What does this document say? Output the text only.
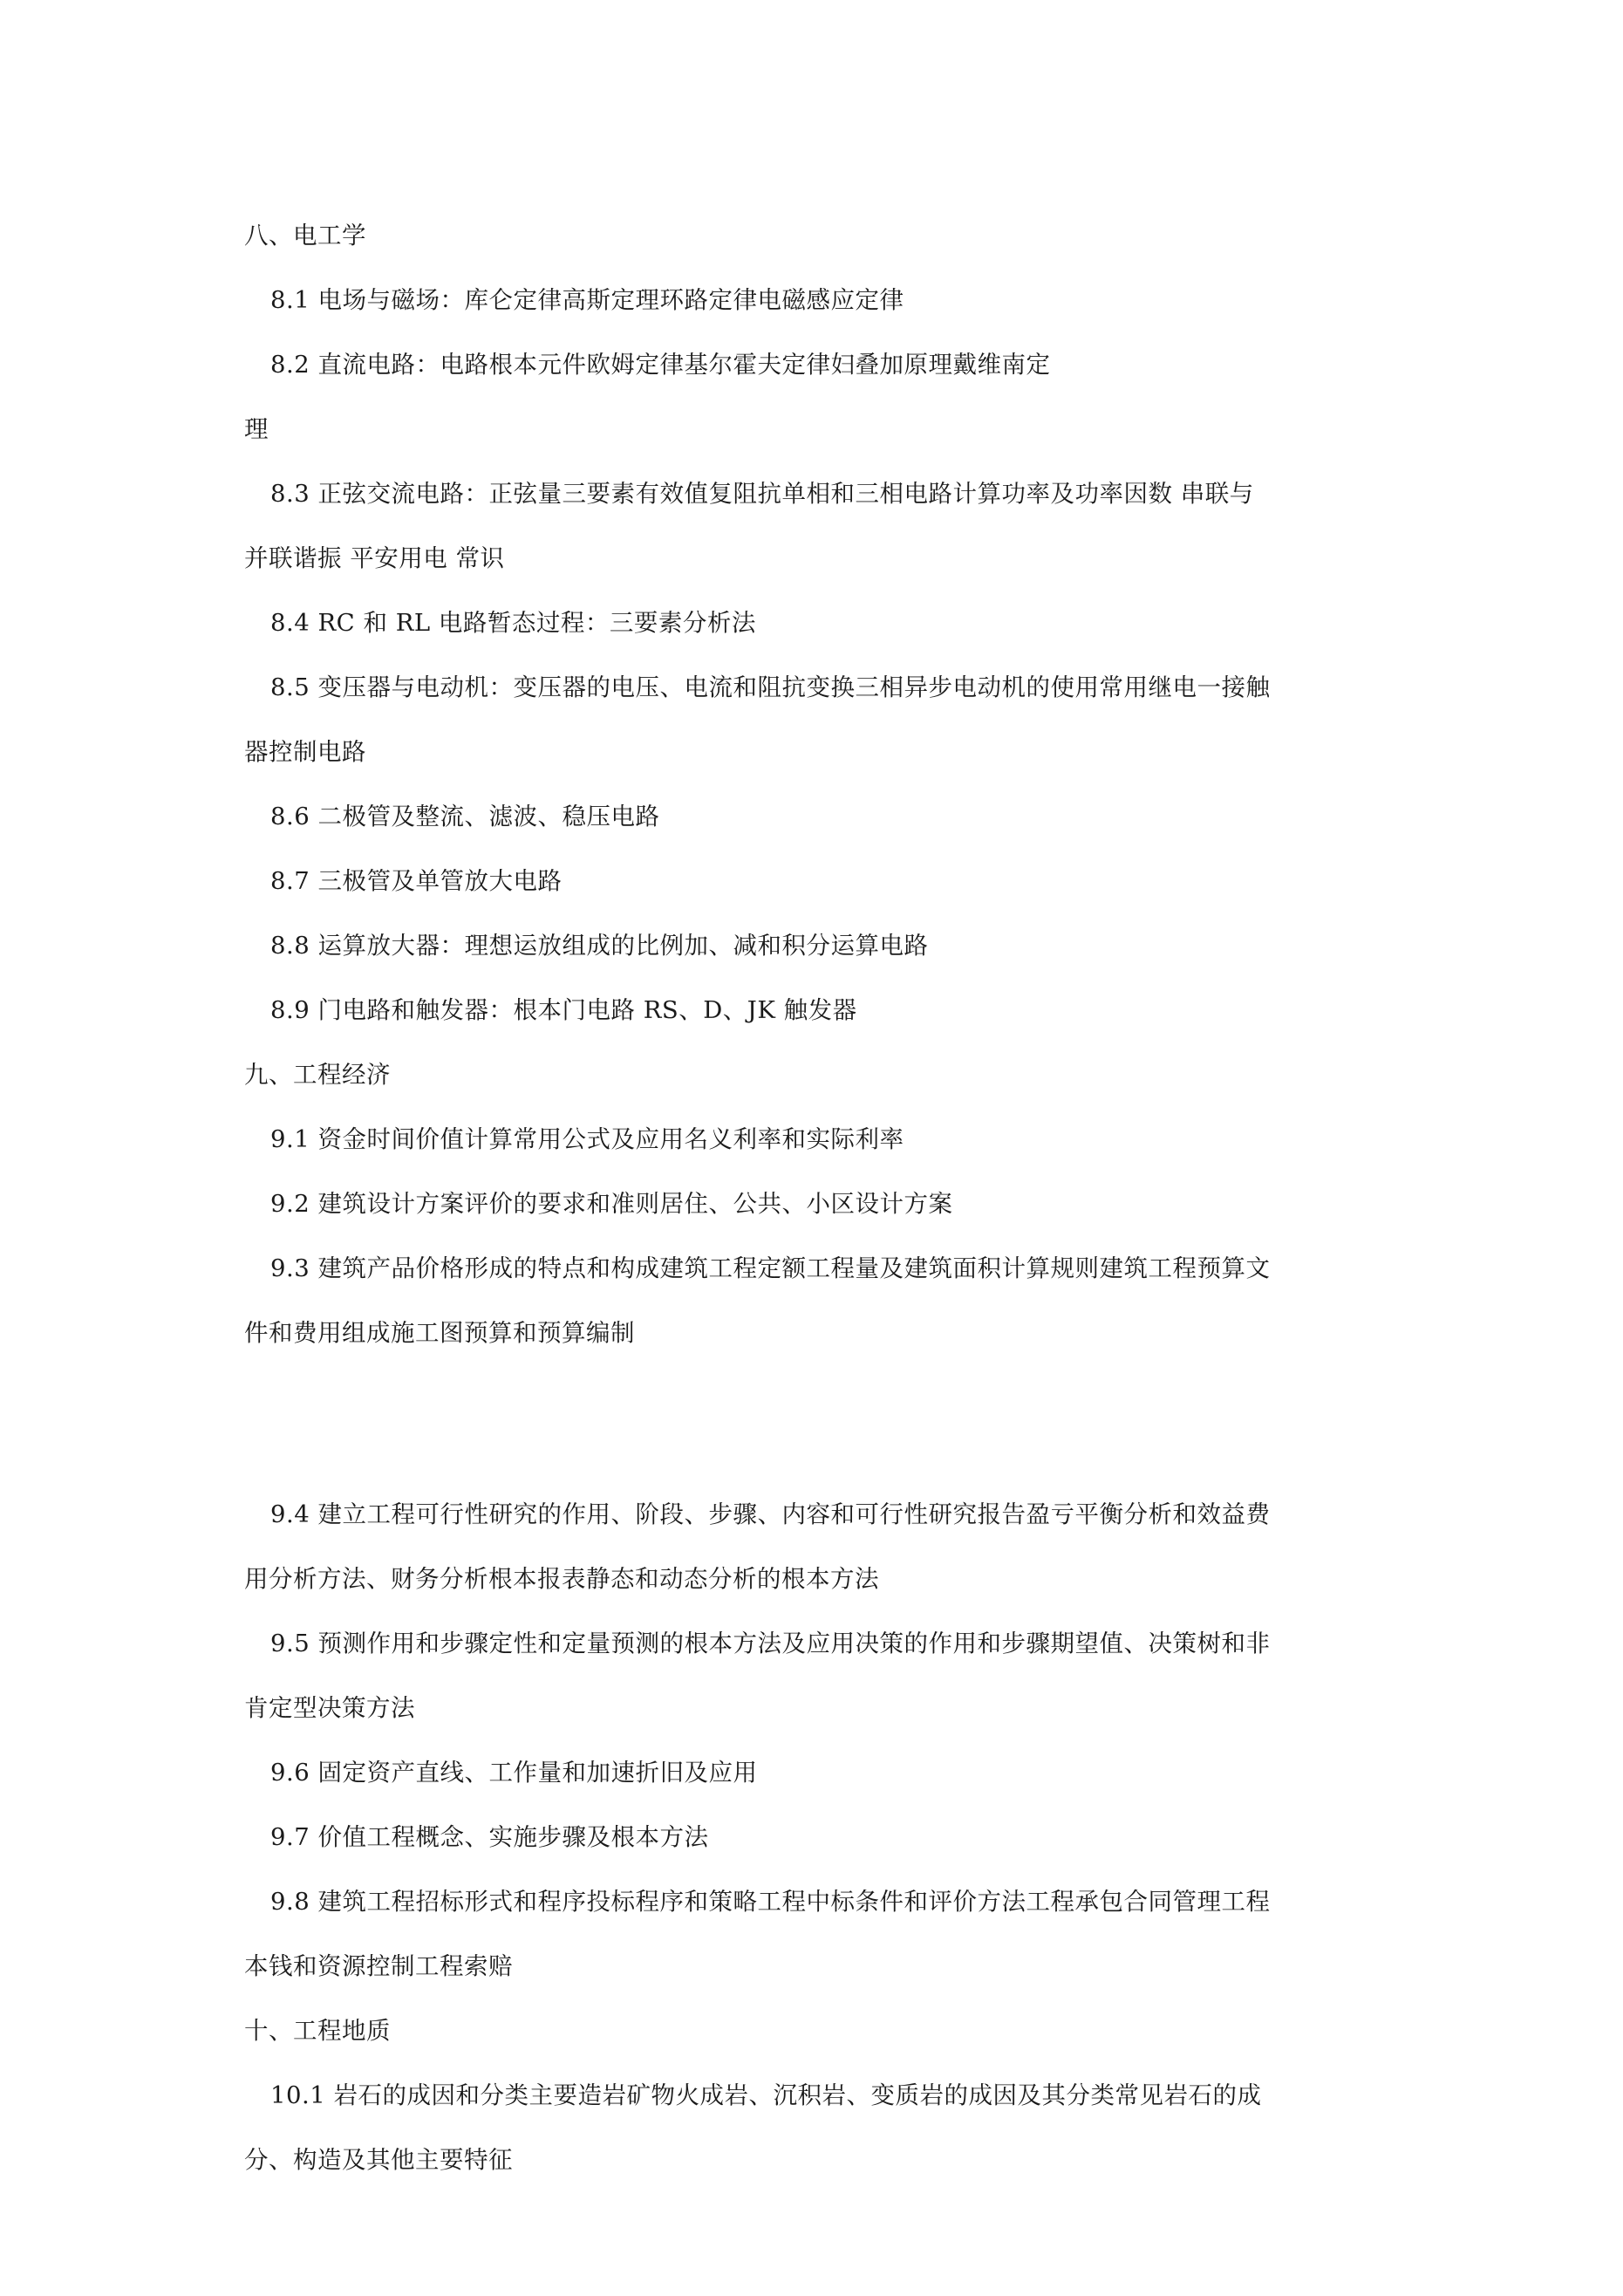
八、电工学
8.1 电场与磁场：库仑定律高斯定理环路定律电磁感应定律
8.2 直流电路：电路根本元件欧姆定律基尔霍夫定律妇叠加原理戴维南定
理
8.3 正弦交流电路：正弦量三要素有效值复阻抗单相和三相电路计算功率及功率因数 串联与
并联谐振 平安用电 常识
8.4 RC 和 RL 电路暂态过程：三要素分析法
8.5 变压器与电动机：变压器的电压、电流和阻抗变换三相异步电动机的使用常用继电一接触
器控制电路
8.6 二极管及整流、滤波、稳压电路
8.7 三极管及单管放大电路
8.8 运算放大器：理想运放组成的比例加、减和积分运算电路
8.9 门电路和触发器：根本门电路 RS、D、JK 触发器
九、工程经济
9.1 资金时间价值计算常用公式及应用名义利率和实际利率
9.2 建筑设计方案评价的要求和准则居住、公共、小区设计方案
9.3 建筑产品价格形成的特点和构成建筑工程定额工程量及建筑面积计算规则建筑工程预算文
件和费用组成施工图预算和预算编制
9.4 建立工程可行性研究的作用、阶段、步骤、内容和可行性研究报告盈亏平衡分析和效益费
用分析方法、财务分析根本报表静态和动态分析的根本方法
9.5 预测作用和步骤定性和定量预测的根本方法及应用决策的作用和步骤期望值、决策树和非
肯定型决策方法
9.6 固定资产直线、工作量和加速折旧及应用
9.7 价值工程概念、实施步骤及根本方法
9.8 建筑工程招标形式和程序投标程序和策略工程中标条件和评价方法工程承包合同管理工程
本钱和资源控制工程索赔
十、工程地质
10.1 岩石的成因和分类主要造岩矿物火成岩、沉积岩、变质岩的成因及其分类常见岩石的成
分、构造及其他主要特征
